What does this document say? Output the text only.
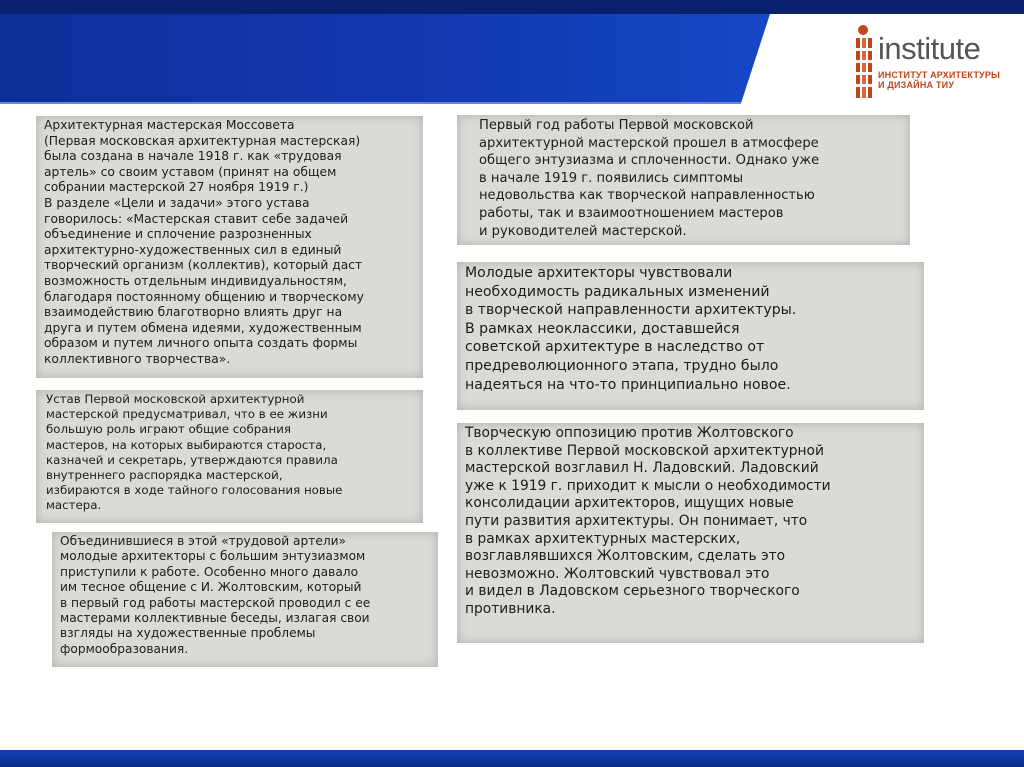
institute
ИНСТИТУТ АРХИТЕКТУРЫ
И ДИЗАЙНА ТИУ
Архитектурная мастерская Моссовета
(Первая московская архитектурная мастерская)
была создана в начале 1918 г. как «трудовая
артель» со своим уставом (принят на общем
собрании мастерской 27 ноября 1919 г.)
В разделе «Цели и задачи» этого устава
говорилось: «Мастерская ставит себе задачей
объединение и сплочение разрозненных
архитектурно-художественных сил в единый
творческий организм (коллектив), который даст
возможность отдельным индивидуальностям,
благодаря постоянному общению и творческому
взаимодействию благотворно влиять друг на
друга и путем обмена идеями, художественным
образом и путем личного опыта создать формы
коллективного творчества».
Устав Первой московской архитектурной
мастерской предусматривал, что в ее жизни
большую роль играют общие собрания
мастеров, на которых выбираются староста,
казначей и секретарь, утверждаются правила
внутреннего распорядка мастерской,
избираются в ходе тайного голосования новые
мастера.
Объединившиеся в этой «трудовой артели»
молодые архитекторы с большим энтузиазмом
приступили к работе. Особенно много давало
им тесное общение с И. Жолтовским, который
в первый год работы мастерской проводил с ее
мастерами коллективные беседы, излагая свои
взгляды на художественные проблемы
формообразования.
Первый год работы Первой московской
архитектурной мастерской прошел в атмосфере
общего энтузиазма и сплоченности. Однако уже
в начале 1919 г. появились симптомы
недовольства как творческой направленностью
работы, так и взаимоотношением мастеров
и руководителей мастерской.
Молодые архитекторы чувствовали
необходимость радикальных изменений
в творческой направленности архитектуры.
В рамках неоклассики, доставшейся
советской архитектуре в наследство от
предреволюционного этапа, трудно было
надеяться на что-то принципиально новое.
Творческую оппозицию против Жолтовского
в коллективе Первой московской архитектурной
мастерской возглавил Н. Ладовский. Ладовский
уже к 1919 г. приходит к мысли о необходимости
консолидации архитекторов, ищущих новые
пути развития архитектуры. Он понимает, что
в рамках архитектурных мастерских,
возглавлявшихся Жолтовским, сделать это
невозможно. Жолтовский чувствовал это
и видел в Ладовском серьезного творческого
противника.
